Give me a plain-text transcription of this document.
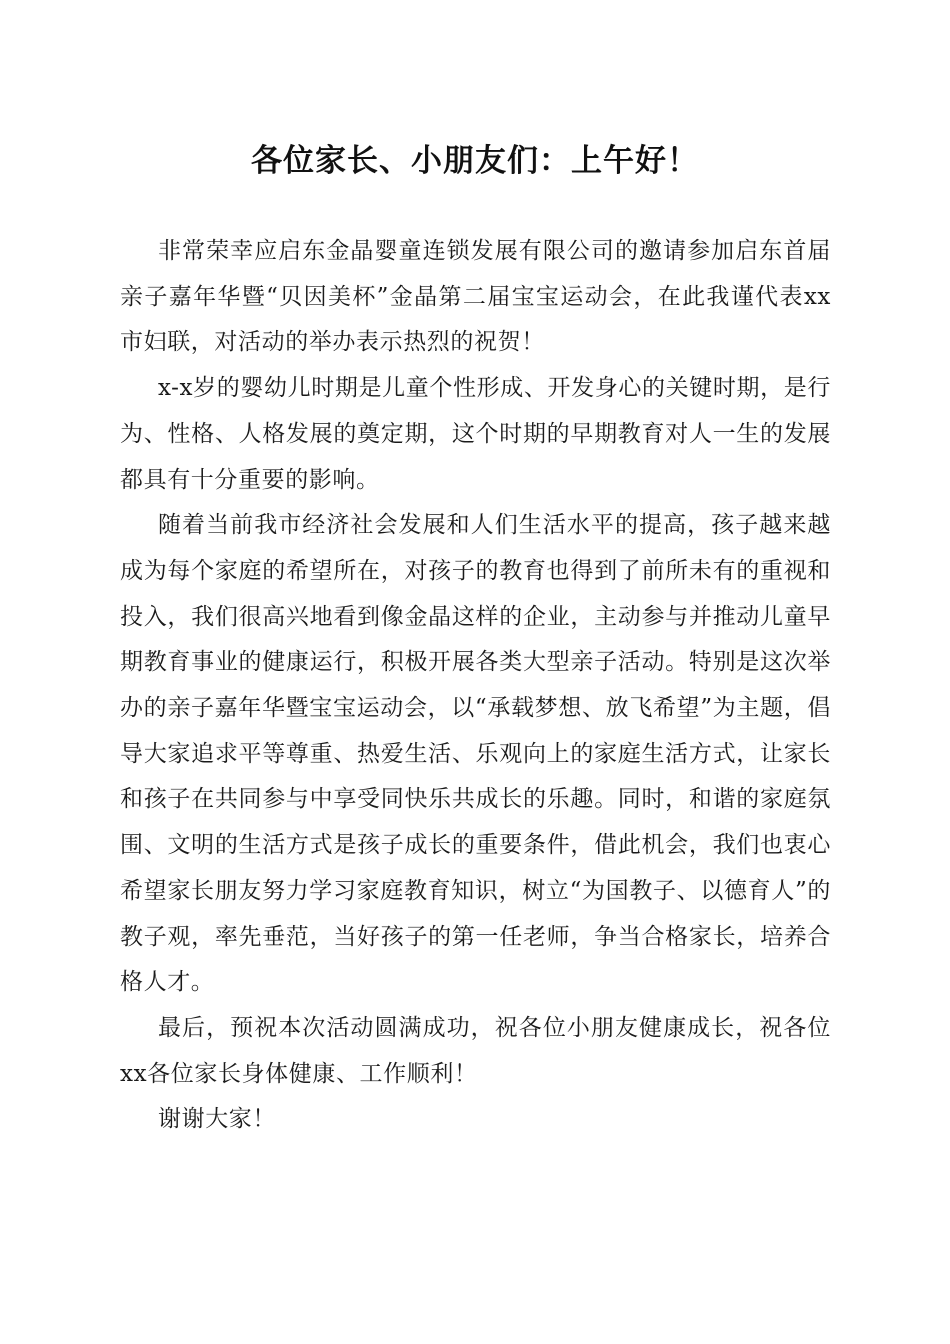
各位家长、小朋友们：上午好！

非常荣幸应启东金晶婴童连锁发展有限公司的邀请参加启东首届亲子嘉年华暨“贝因美杯”金晶第二届宝宝运动会，在此我谨代表xx市妇联，对活动的举办表示热烈的祝贺！

x-x岁的婴幼儿时期是儿童个性形成、开发身心的关键时期，是行为、性格、人格发展的奠定期，这个时期的早期教育对人一生的发展都具有十分重要的影响。

随着当前我市经济社会发展和人们生活水平的提高，孩子越来越成为每个家庭的希望所在，对孩子的教育也得到了前所未有的重视和投入，我们很高兴地看到像金晶这样的企业，主动参与并推动儿童早期教育事业的健康运行，积极开展各类大型亲子活动。特别是这次举办的亲子嘉年华暨宝宝运动会，以“承载梦想、放飞希望”为主题，倡导大家追求平等尊重、热爱生活、乐观向上的家庭生活方式，让家长和孩子在共同参与中享受同快乐共成长的乐趣。同时，和谐的家庭氛围、文明的生活方式是孩子成长的重要条件，借此机会，我们也衷心希望家长朋友努力学习家庭教育知识，树立“为国教子、以德育人”的教子观，率先垂范，当好孩子的第一任老师，争当合格家长，培养合格人才。

最后，预祝本次活动圆满成功，祝各位小朋友健康成长，祝各位xx各位家长身体健康、工作顺利！

谢谢大家！
